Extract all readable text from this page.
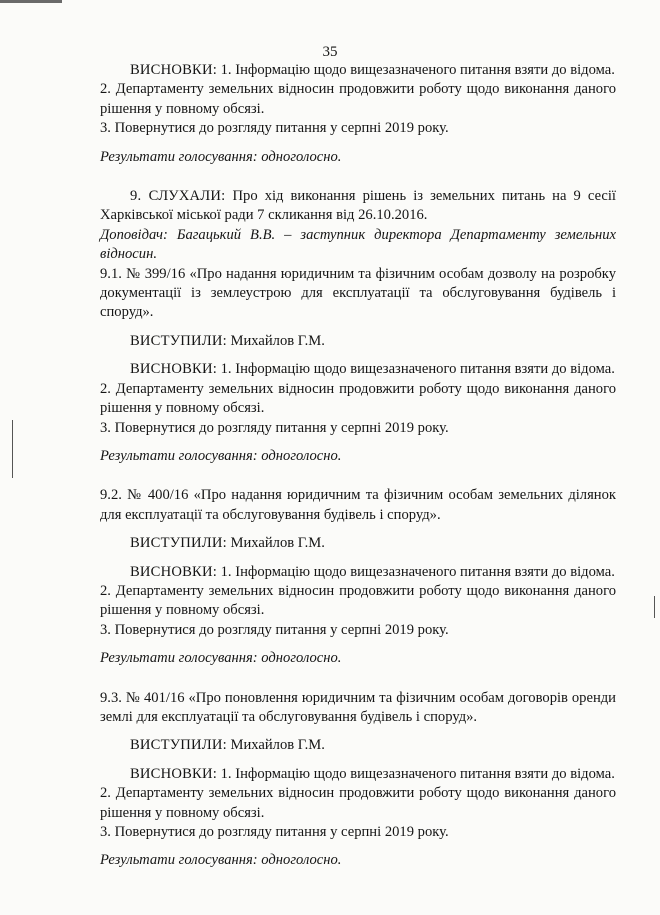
35

ВИСНОВКИ: 1. Інформацію щодо вищезазначеного питання взяти до відома.

2. Департаменту земельних відносин продовжити роботу щодо виконання даного рішення у повному обсязі.

3. Повернутися до розгляду питання у серпні 2019 року.

Результати голосування: одноголосно.

9. СЛУХАЛИ: Про хід виконання рішень із земельних питань на 9 сесії Харківської міської ради 7 скликання від 26.10.2016.

Доповідач: Багацький В.В. – заступник директора Департаменту земельних відносин.

9.1. № 399/16 «Про надання юридичним та фізичним особам дозволу на розробку документації із землеустрою для експлуатації та обслуговування будівель і споруд».

ВИСТУПИЛИ: Михайлов Г.М.

ВИСНОВКИ: 1. Інформацію щодо вищезазначеного питання взяти до відома.

2. Департаменту земельних відносин продовжити роботу щодо виконання даного рішення у повному обсязі.

3. Повернутися до розгляду питання у серпні 2019 року.

Результати голосування: одноголосно.

9.2. № 400/16 «Про надання юридичним та фізичним особам земельних ділянок для експлуатації та обслуговування будівель і споруд».

ВИСТУПИЛИ: Михайлов Г.М.

ВИСНОВКИ: 1. Інформацію щодо вищезазначеного питання взяти до відома.

2. Департаменту земельних відносин продовжити роботу щодо виконання даного рішення у повному обсязі.

3. Повернутися до розгляду питання у серпні 2019 року.

Результати голосування: одноголосно.

9.3. № 401/16 «Про поновлення юридичним та фізичним особам договорів оренди землі для експлуатації та обслуговування будівель і споруд».

ВИСТУПИЛИ: Михайлов Г.М.

ВИСНОВКИ: 1. Інформацію щодо вищезазначеного питання взяти до відома.

2. Департаменту земельних відносин продовжити роботу щодо виконання даного рішення у повному обсязі.

3. Повернутися до розгляду питання у серпні 2019 року.

Результати голосування: одноголосно.
